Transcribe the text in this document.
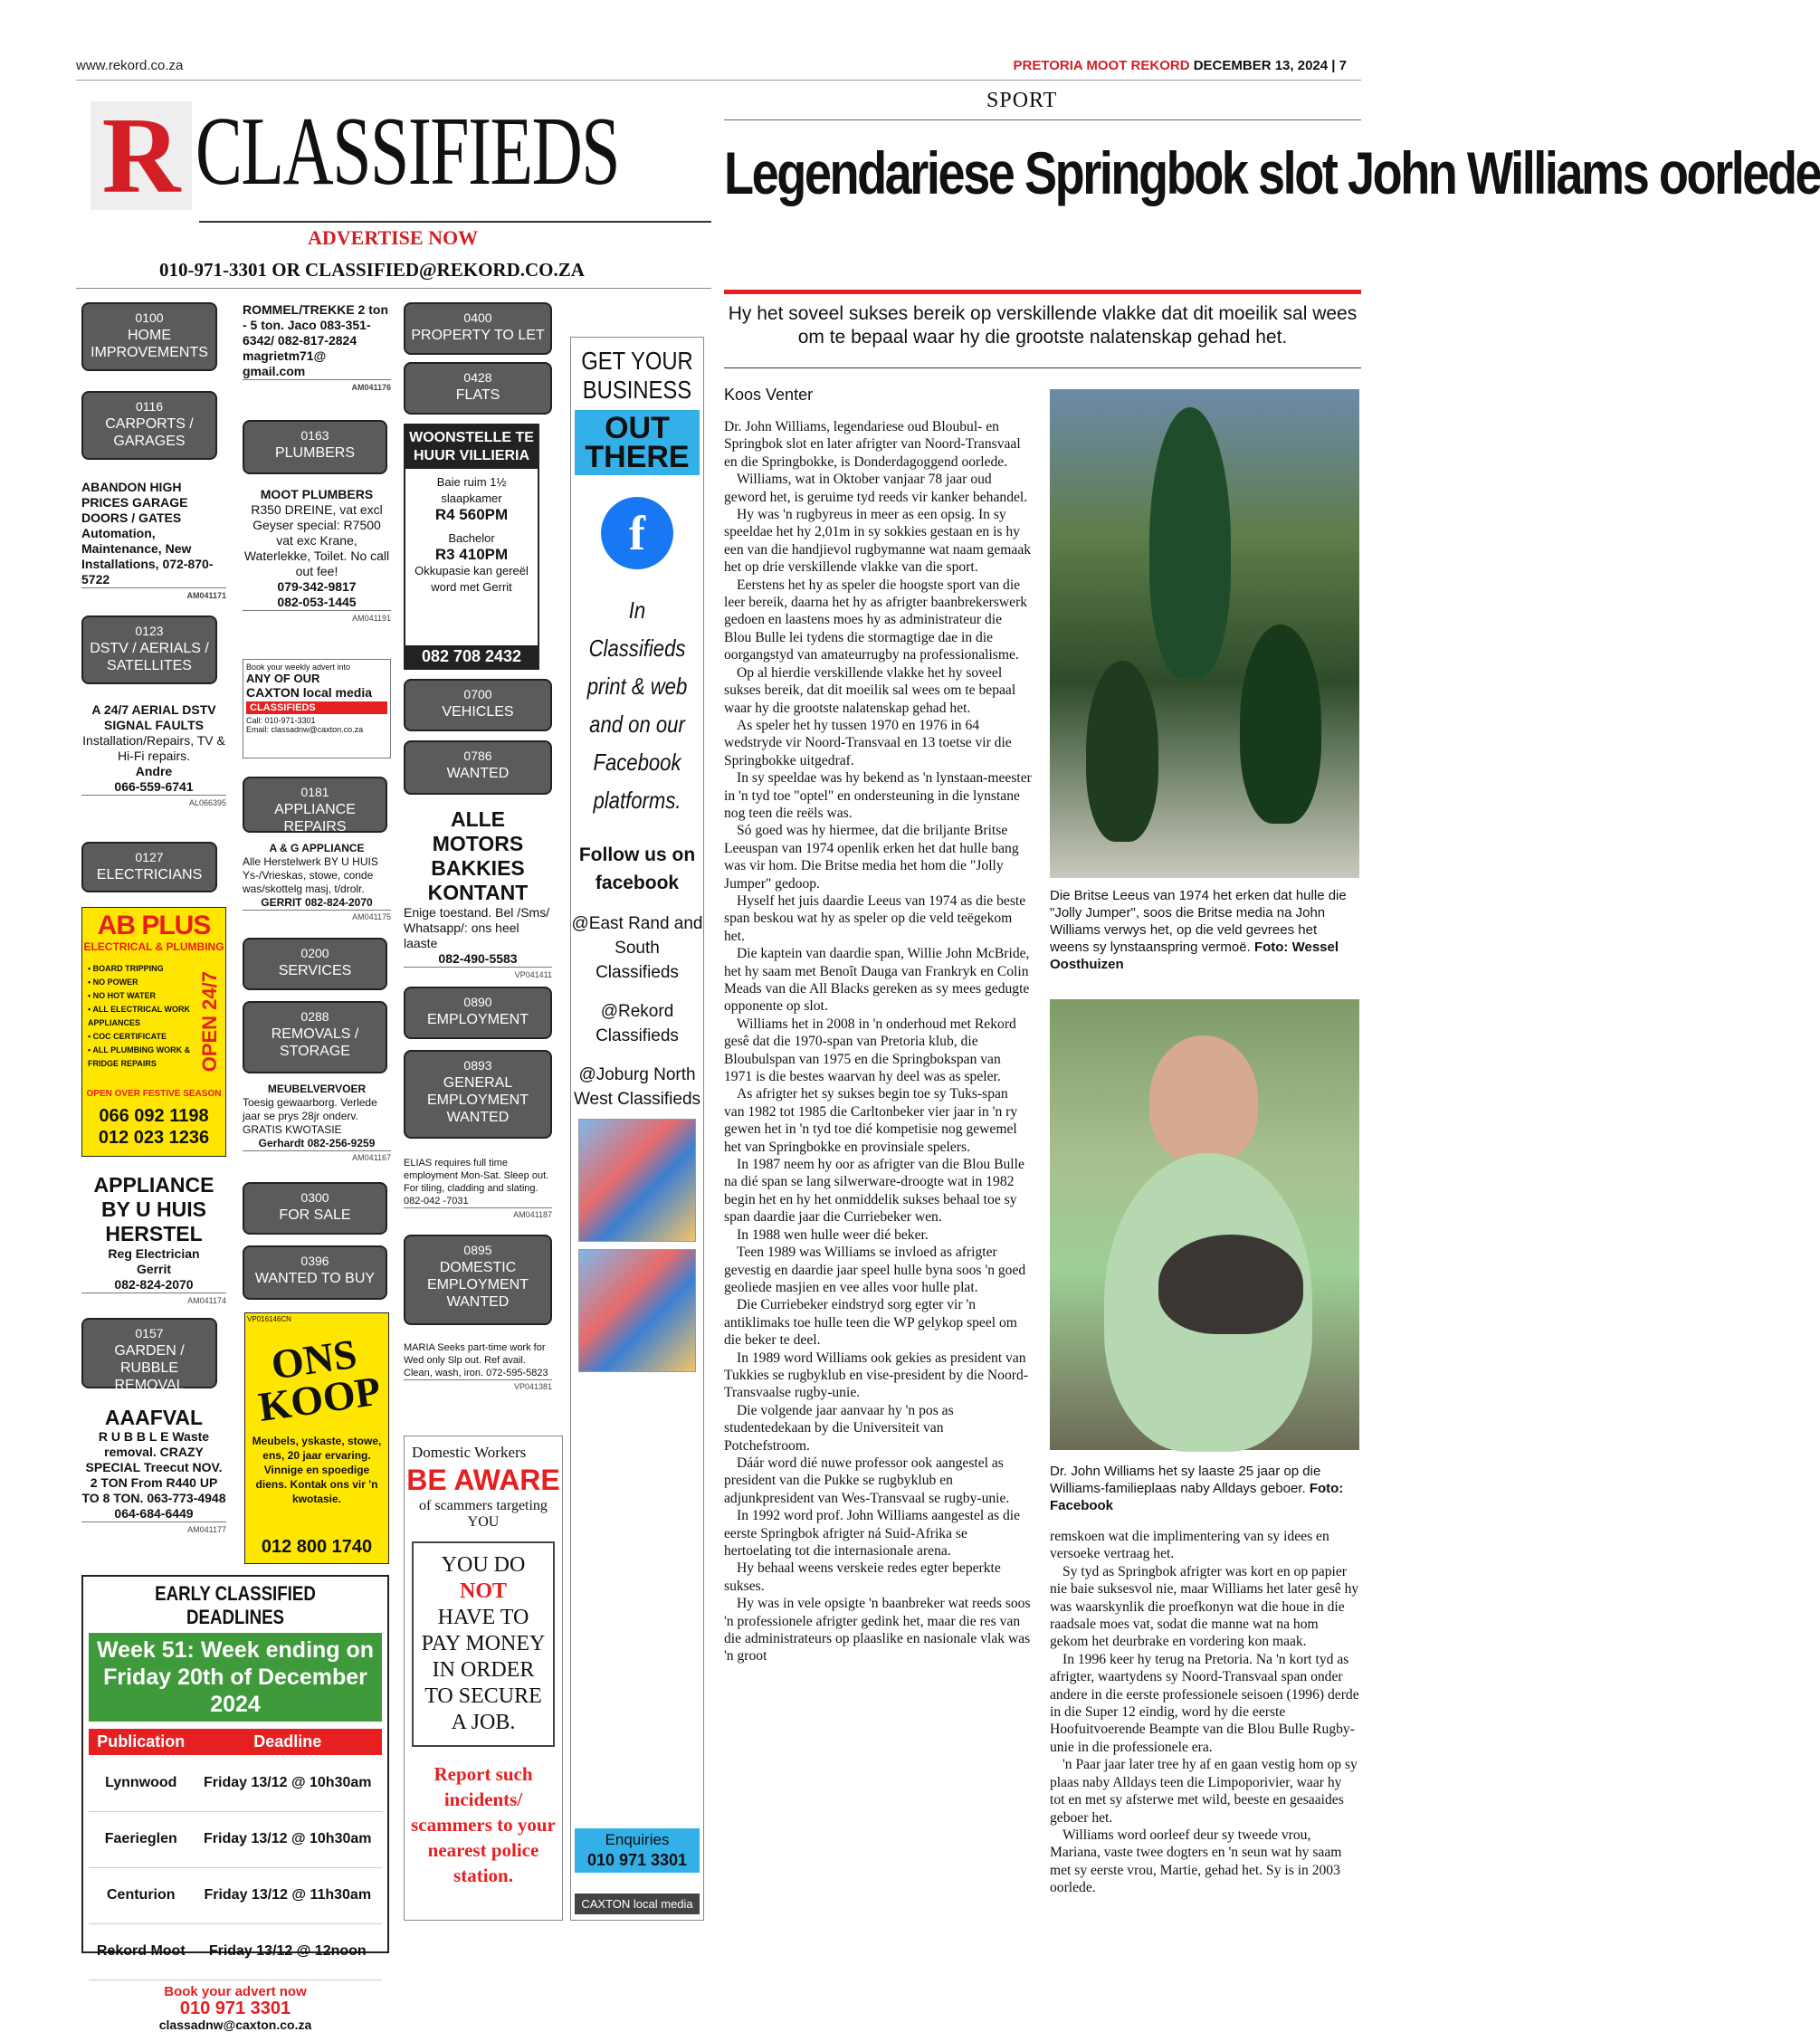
www.rekord.co.za	PRETORIA MOOT REKORD DECEMBER 13, 2024 | 7
SPORT
R CLASSIFIEDS
ADVERTISE NOW
010-971-3301 OR CLASSIFIED@REKORD.CO.ZA
0100
HOME IMPROVEMENTS
0116
CARPORTS / GARAGES
ABANDON HIGH PRICES GARAGE DOORS / GATES Automation, Maintenance, New Installations, 072-870-5722
AM041171
0123
DSTV / AERIALS / SATELLITES
A 24/7 AERIAL DSTV SIGNAL FAULTS
Installation/Repairs, TV & Hi-Fi repairs.
Andre
066-559-6741
AL066395
0127
ELECTRICIANS
AB PLUS
ELECTRICAL & PLUMBING
• BOARD TRIPPING
• NO POWER
• NO HOT WATER
• ALL ELECTRICAL WORK APPLIANCES
• COC CERTIFICATE
• ALL PLUMBING WORK & FRIDGE REPAIRS	OPEN 24/7
OPEN OVER FESTIVE SEASON
066 092 1198
012 023 1236
APPLIANCE BY U HUIS HERSTEL
Reg Electrician
Gerrit
082-824-2070
AM041174
0157
GARDEN / RUBBLE REMOVAL
AAAFVAL
R U B B L E Waste removal. CRAZY SPECIAL Treecut NOV. 2 TON From R440 UP TO 8 TON. 063-773-4948 064-684-6449
AM041177
ROMMEL/TREKKE 2 ton - 5 ton. Jaco 083-351- 6342/ 082-817-2824 magrietm71@ gmail.com
AM041176
0163
PLUMBERS
MOOT PLUMBERS
R350 DREINE, vat excl Geyser special: R7500 vat exc Krane, Waterlekke, Toilet. No call out fee!
079-342-9817
082-053-1445
AM041191
Book your weekly advert into
ANY OF OUR
CAXTON local media
CLASSIFIEDS
Call: 010-971-3301
Email: classadnw@caxton.co.za
0181
APPLIANCE REPAIRS
A & G APPLIANCE
Alle Herstelwerk BY U HUIS Ys-/Vrieskas, stowe, conde was/skottelg masj, t/drolr.
GERRIT 082-824-2070
AM041175
0200
SERVICES
0288
REMOVALS / STORAGE
MEUBELVERVOER
Toesig gewaarborg. Verlede jaar se prys 28jr onderv. GRATIS KWOTASIE
Gerhardt 082-256-9259
AM041167
0300
FOR SALE
0396
WANTED TO BUY
VP016146CN
ONS KOOP
Meubels, yskaste, stowe, ens, 20 jaar ervaring. Vinnige en spoedige diens. Kontak ons vir 'n kwotasie.
012 800 1740
EARLY CLASSIFIED DEADLINES
Week 51: Week ending on Friday 20th of December 2024
Publication	Deadline
Lynnwood	Friday 13/12 @ 10h30am
Faerieglen	Friday 13/12 @ 10h30am
Centurion	Friday 13/12 @ 11h30am
Rekord Moot	Friday 13/12 @ 12noon
Book your advert now
010 971 3301
classadnw@caxton.co.za
0400
PROPERTY TO LET
0428
FLATS
WOONSTELLE TE HUUR VILLIERIA
Baie ruim 1½ slaapkamer
R4 560PM
Bachelor
R3 410PM
Okkupasie kan gereël word met Gerrit
082 708 2432
0700
VEHICLES
0786
WANTED
ALLE MOTORS BAKKIES KONTANT
Enige toestand. Bel /Sms/ Whatsapp/: ons heel laaste
082-490-5583
VP041411
0890
EMPLOYMENT
0893
GENERAL EMPLOYMENT WANTED
ELIAS requires full time employment Mon-Sat. Sleep out. For tiling, cladding and slating. 082-042 -7031
AM041187
0895
DOMESTIC EMPLOYMENT WANTED
MARIA Seeks part-time work for Wed only Slp out. Ref avail. Clean, wash, iron. 072-595-5823
VP041381
Domestic Workers
BE AWARE
of scammers targeting YOU
YOU DO
NOT
HAVE TO PAY MONEY IN ORDER TO SECURE A JOB.
Report such incidents/ scammers to your nearest police station.
GET YOUR BUSINESS
OUT THERE
f
In Classifieds print & web and on our Facebook platforms.
Follow us on facebook
@East Rand and South Classifieds
@Rekord Classifieds
@Joburg North West Classifieds
Enquiries
010 971 3301
CAXTON local media
Legendariese Springbok slot John Williams oorlede
Hy het soveel sukses bereik op verskillende vlakke dat dit moeilik sal wees om te bepaal waar hy die grootste nalatenskap gehad het.
Koos Venter

Dr. John Williams, legendariese oud Bloubul- en Springbok slot en later afrigter van Noord-Transvaal en die Springbokke, is Donderdagoggend oorlede.

Williams, wat in Oktober vanjaar 78 jaar oud geword het, is geruime tyd reeds vir kanker behandel.

Hy was 'n rugbyreus in meer as een opsig. In sy speeldae het hy 2,01m in sy sokkies gestaan en is hy een van die handjievol rugbymanne wat naam gemaak het op drie verskillende vlakke van die sport.

Eerstens het hy as speler die hoogste sport van die leer bereik, daarna het hy as afrigter baanbrekerswerk gedoen en laastens moes hy as administrateur die Blou Bulle lei tydens die stormagtige dae in die oorgangstyd van amateurrugby na professionalisme.

Op al hierdie verskillende vlakke het hy soveel sukses bereik, dat dit moeilik sal wees om te bepaal waar hy die grootste nalatenskap gehad het.

As speler het hy tussen 1970 en 1976 in 64 wedstryde vir Noord-Transvaal en 13 toetse vir die Springbokke uitgedraf.

In sy speeldae was hy bekend as 'n lynstaan-meester in 'n tyd toe "optel" en ondersteuning in die lynstane nog teen die reëls was.

Só goed was hy hiermee, dat die briljante Britse Leeuspan van 1974 openlik erken het dat hulle bang was vir hom. Die Britse media het hom die "Jolly Jumper" gedoop.

Hyself het juis daardie Leeus van 1974 as die beste span beskou wat hy as speler op die veld teëgekom het.

Die kaptein van daardie span, Willie John McBride, het hy saam met Benoît Dauga van Frankryk en Colin Meads van die All Blacks gereken as sy mees gedugte opponente op slot.

Williams het in 2008 in 'n onderhoud met Rekord gesê dat die 1970-span van Pretoria klub, die Bloubulspan van 1975 en die Springbokspan van 1971 is die bestes waarvan hy deel was as speler.

As afrigter het sy sukses begin toe sy Tuks-span van 1982 tot 1985 die Carltonbeker vier jaar in 'n ry gewen het in 'n tyd toe dié kompetisie nog gewemel het van Springbokke en provinsiale spelers.

In 1987 neem hy oor as afrigter van die Blou Bulle na dié span se lang silwerware-droogte wat in 1982 begin het en hy het onmiddelik sukses behaal toe sy span daardie jaar die Curriebeker wen.

In 1988 wen hulle weer dié beker.

Teen 1989 was Williams se invloed as afrigter gevestig en daardie jaar speel hulle byna soos 'n goed geoliede masjien en vee alles voor hulle plat.

Die Curriebeker eindstryd sorg egter vir 'n antiklimaks toe hulle teen die WP gelykop speel om die beker te deel.

In 1989 word Williams ook gekies as president van Tukkies se rugbyklub en vise-president by die Noord-Transvaalse rugby-unie.

Die volgende jaar aanvaar hy 'n pos as studentedekaan by die Universiteit van Potchefstroom.

Dáár word dié nuwe professor ook aangestel as president van die Pukke se rugbyklub en adjunkpresident van Wes-Transvaal se rugby-unie.

In 1992 word prof. John Williams aangestel as die eerste Springbok afrigter ná Suid-Afrika se hertoelating tot die internasionale arena.

Hy behaal weens verskeie redes egter beperkte sukses.

Hy was in vele opsigte 'n baanbreker wat reeds soos 'n professionele afrigter gedink het, maar die res van die administrateurs op plaaslike en nasionale vlak was 'n groot

Die Britse Leeus van 1974 het erken dat hulle die "Jolly Jumper", soos die Britse media na John Williams verwys het, op die veld gevrees het weens sy lynstaanspring vermoë. Foto: Wessel Oosthuizen
Dr. John Williams het sy laaste 25 jaar op die Williams-familieplaas naby Alldays geboer. Foto: Facebook

remskoen wat die implimentering van sy idees en versoeke vertraag het.

Sy tyd as Springbok afrigter was kort en op papier nie baie suksesvol nie, maar Williams het later gesê hy was waarskynlik die proefkonyn wat die houe in die raadsale moes vat, sodat die manne wat na hom gekom het deurbrake en vordering kon maak.

In 1996 keer hy terug na Pretoria. Na 'n kort tyd as afrigter, waartydens sy Noord-Transvaal span onder andere in die eerste professionele seisoen (1996) derde in die Super 12 eindig, word hy die eerste Hoofuitvoerende Beampte van die Blou Bulle Rugby-unie in die professionele era.

'n Paar jaar later tree hy af en gaan vestig hom op sy plaas naby Alldays teen die Limpoporivier, waar hy tot en met sy afsterwe met wild, beeste en gesaaides geboer het.

Williams word oorleef deur sy tweede vrou, Mariana, vaste twee dogters en 'n seun wat hy saam met sy eerste vrou, Martie, gehad het. Sy is in 2003 oorlede.
